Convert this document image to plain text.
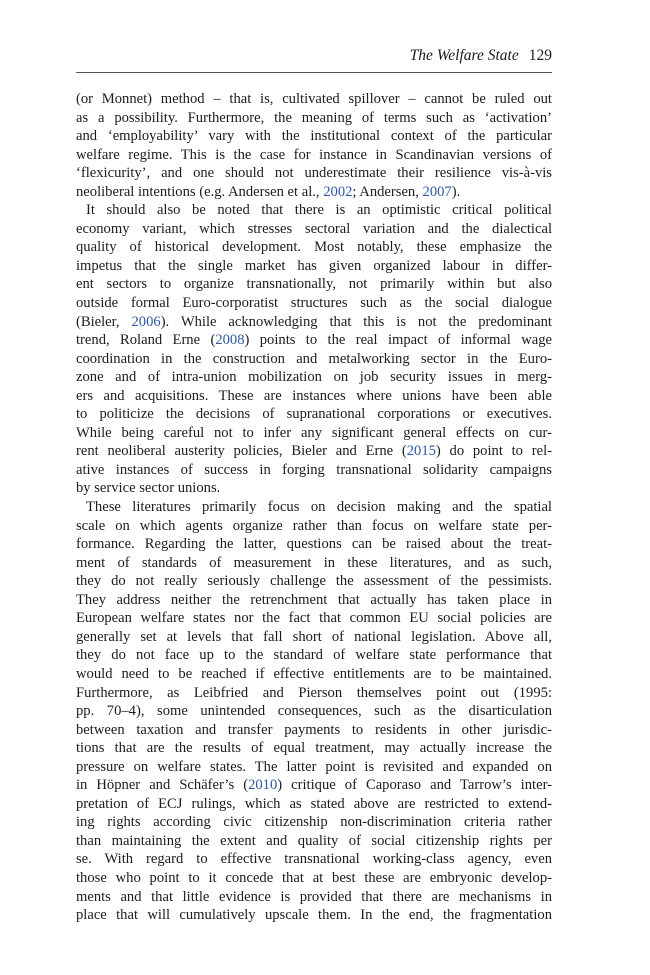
The Welfare State 129
(or Monnet) method – that is, cultivated spillover – cannot be ruled out
as a possibility. Furthermore, the meaning of terms such as ‘activation’
and ‘employability’ vary with the institutional context of the particular
welfare regime. This is the case for instance in Scandinavian versions of
‘flexicurity’, and one should not underestimate their resilience vis-à-vis
neoliberal intentions (e.g. Andersen et al., 2002; Andersen, 2007).
It should also be noted that there is an optimistic critical political
economy variant, which stresses sectoral variation and the dialectical
quality of historical development. Most notably, these emphasize the
impetus that the single market has given organized labour in differ-
ent sectors to organize transnationally, not primarily within but also
outside formal Euro-corporatist structures such as the social dialogue
(Bieler, 2006). While acknowledging that this is not the predominant
trend, Roland Erne (2008) points to the real impact of informal wage
coordination in the construction and metalworking sector in the Euro-
zone and of intra-union mobilization on job security issues in merg-
ers and acquisitions. These are instances where unions have been able
to politicize the decisions of supranational corporations or executives.
While being careful not to infer any significant general effects on cur-
rent neoliberal austerity policies, Bieler and Erne (2015) do point to rel-
ative instances of success in forging transnational solidarity campaigns
by service sector unions.
These literatures primarily focus on decision making and the spatial
scale on which agents organize rather than focus on welfare state per-
formance. Regarding the latter, questions can be raised about the treat-
ment of standards of measurement in these literatures, and as such,
they do not really seriously challenge the assessment of the pessimists.
They address neither the retrenchment that actually has taken place in
European welfare states nor the fact that common EU social policies are
generally set at levels that fall short of national legislation. Above all,
they do not face up to the standard of welfare state performance that
would need to be reached if effective entitlements are to be maintained.
Furthermore, as Leibfried and Pierson themselves point out (1995:
pp. 70–4), some unintended consequences, such as the disarticulation
between taxation and transfer payments to residents in other jurisdic-
tions that are the results of equal treatment, may actually increase the
pressure on welfare states. The latter point is revisited and expanded on
in Höpner and Schäfer’s (2010) critique of Caporaso and Tarrow’s inter-
pretation of ECJ rulings, which as stated above are restricted to extend-
ing rights according civic citizenship non-discrimination criteria rather
than maintaining the extent and quality of social citizenship rights per
se. With regard to effective transnational working-class agency, even
those who point to it concede that at best these are embryonic develop-
ments and that little evidence is provided that there are mechanisms in
place that will cumulatively upscale them. In the end, the fragmentation
